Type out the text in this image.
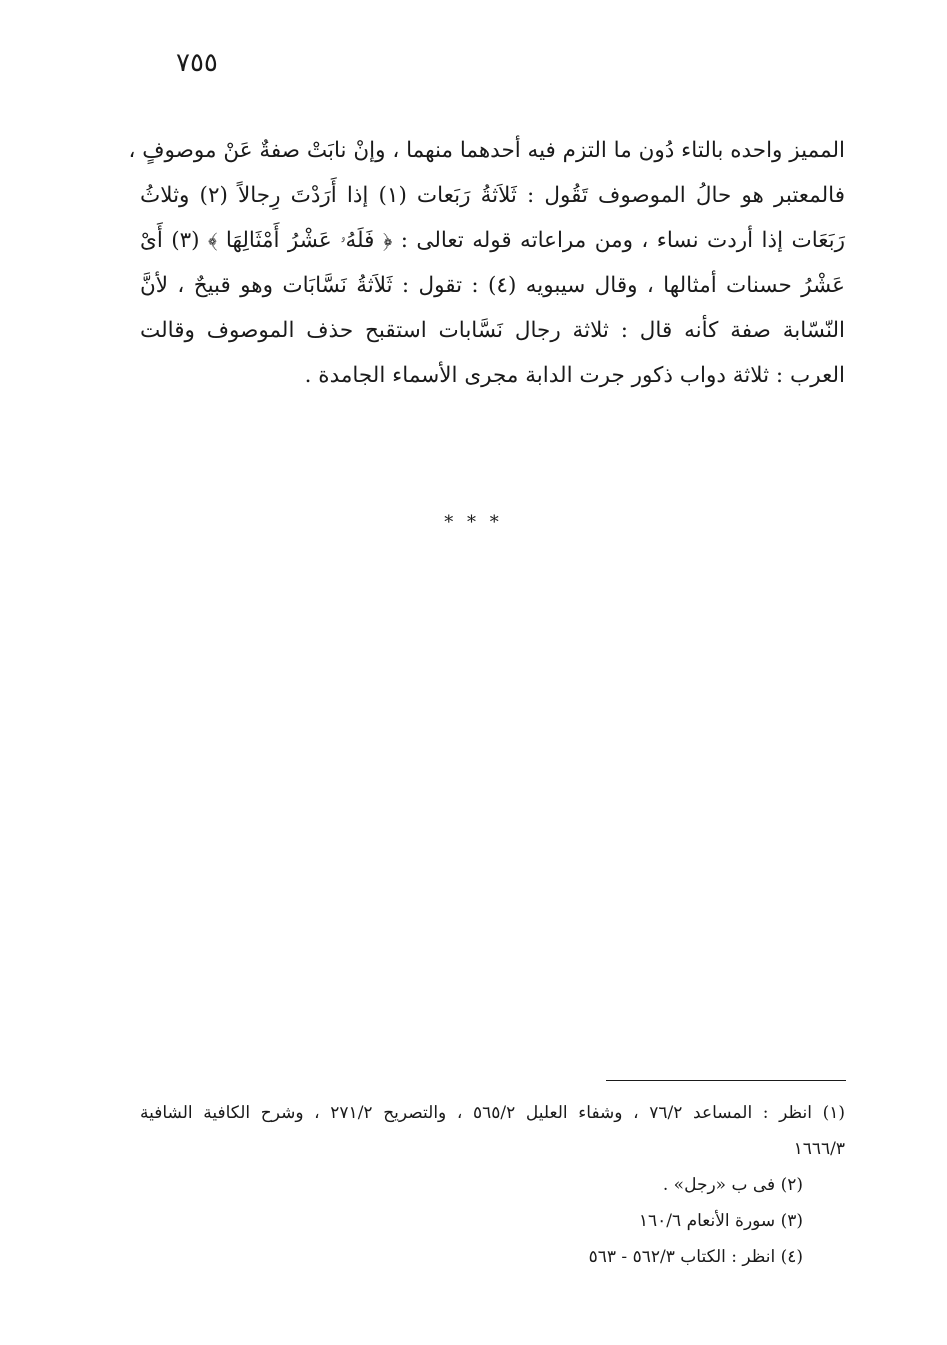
٧٥٥
المميز واحده بالتاء دُون ما التزم فيه أحدهما منهما ، وإنْ نابَتْ صفةٌ عَنْ موصوفٍ ،
فالمعتبر هو حالُ الموصوف تَقُول : ثَلاَثةُ رَبَعات (١) إذا أَرَدْتَ رِجالاً (٢) وثلاثُ
رَبَعَات إذا أردت نساء ، ومن مراعاته قوله تعالى : ﴿ فَلَهُۥ عَشْرُ أَمْثَالِهَا ﴾ (٣) أَىْ
عَشْرُ حسنات أمثالها ، وقال سيبويه (٤) : تقول : ثَلاَثةُ نَسَّابَات وهو قبيحٌ ، لأنَّ
النّسّابة صفة كأنه قال : ثلاثة رجال نَسَّابات استقبح حذف الموصوف وقالت
العرب : ثلاثة دواب ذكور جرت الدابة مجرى الأسماء الجامدة .
* * *
(١) انظر : المساعد ٧٦/٢ ، وشفاء العليل ٥٦٥/٢ ، والتصريح ٢٧١/٢ ، وشرح الكافية الشافية
١٦٦٦/٣
(٢) فى ب «رجل» .
(٣) سورة الأنعام ١٦٠/٦
(٤) انظر : الكتاب ٥٦٢/٣ - ٥٦٣
